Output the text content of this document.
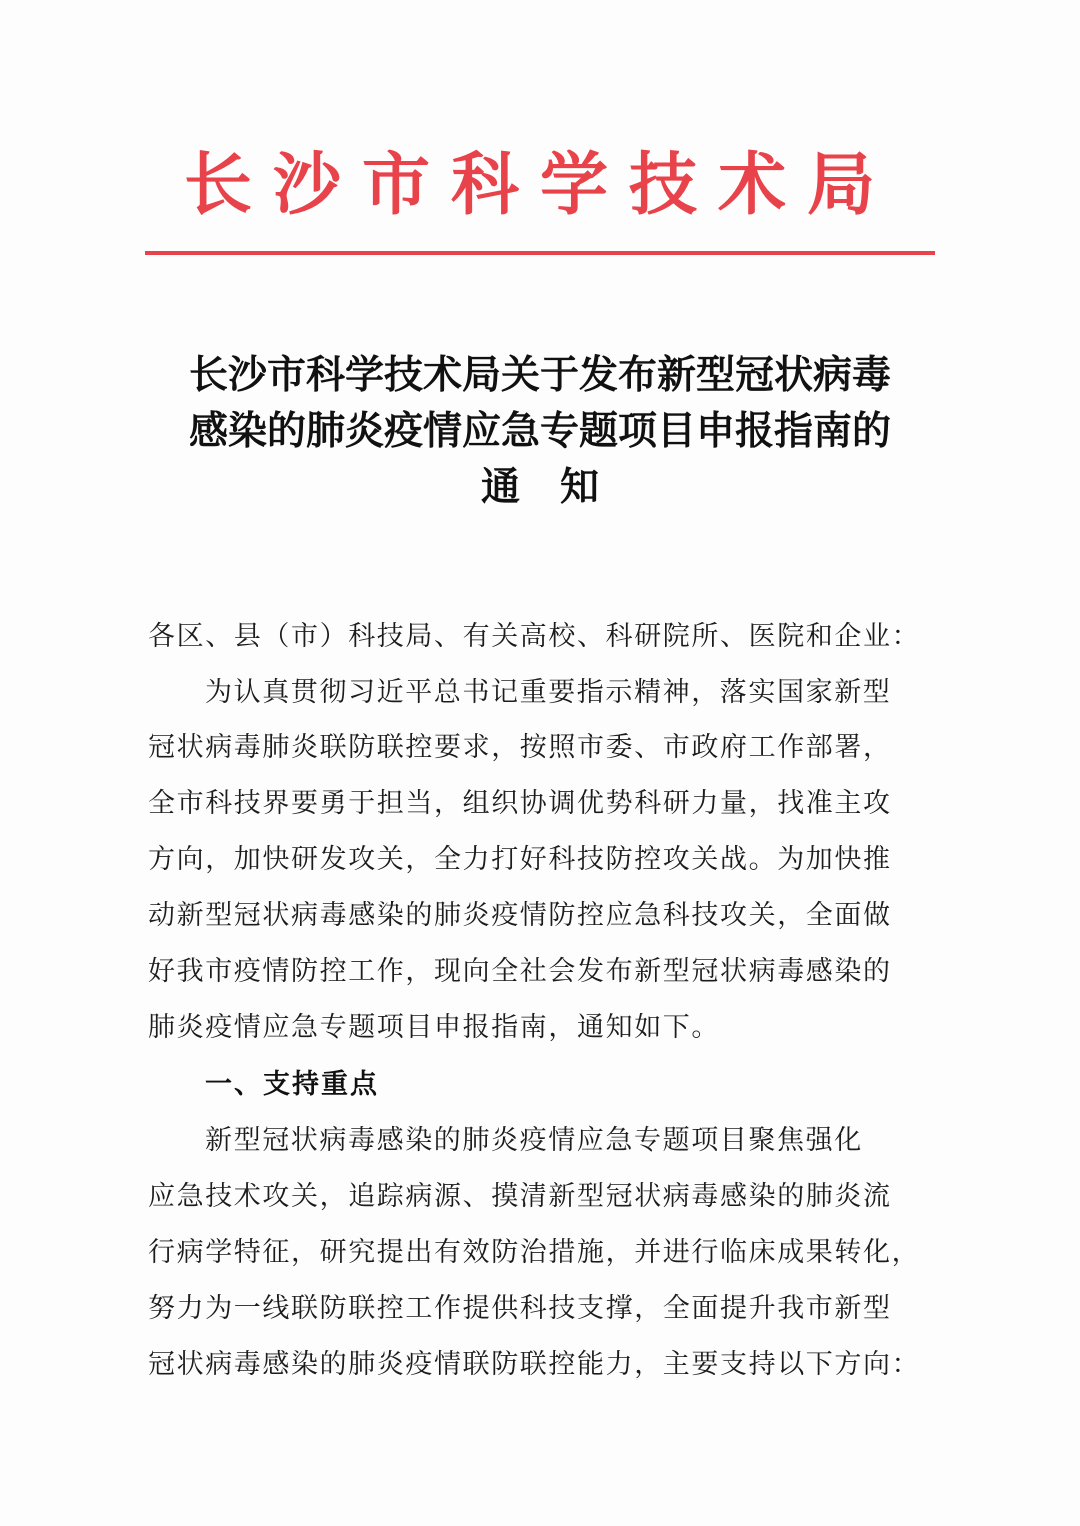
长沙市科学技术局
长沙市科学技术局关于发布新型冠状病毒
感染的肺炎疫情应急专题项目申报指南的
通知
各区、县（市）科技局、有关高校、科研院所、医院和企业：
为认真贯彻习近平总书记重要指示精神，落实国家新型
冠状病毒肺炎联防联控要求，按照市委、市政府工作部署，
全市科技界要勇于担当，组织协调优势科研力量，找准主攻
方向，加快研发攻关，全力打好科技防控攻关战。为加快推
动新型冠状病毒感染的肺炎疫情防控应急科技攻关，全面做
好我市疫情防控工作，现向全社会发布新型冠状病毒感染的
肺炎疫情应急专题项目申报指南，通知如下。
一、支持重点
新型冠状病毒感染的肺炎疫情应急专题项目聚焦强化
应急技术攻关，追踪病源、摸清新型冠状病毒感染的肺炎流
行病学特征，研究提出有效防治措施，并进行临床成果转化，
努力为一线联防联控工作提供科技支撑，全面提升我市新型
冠状病毒感染的肺炎疫情联防联控能力，主要支持以下方向：
